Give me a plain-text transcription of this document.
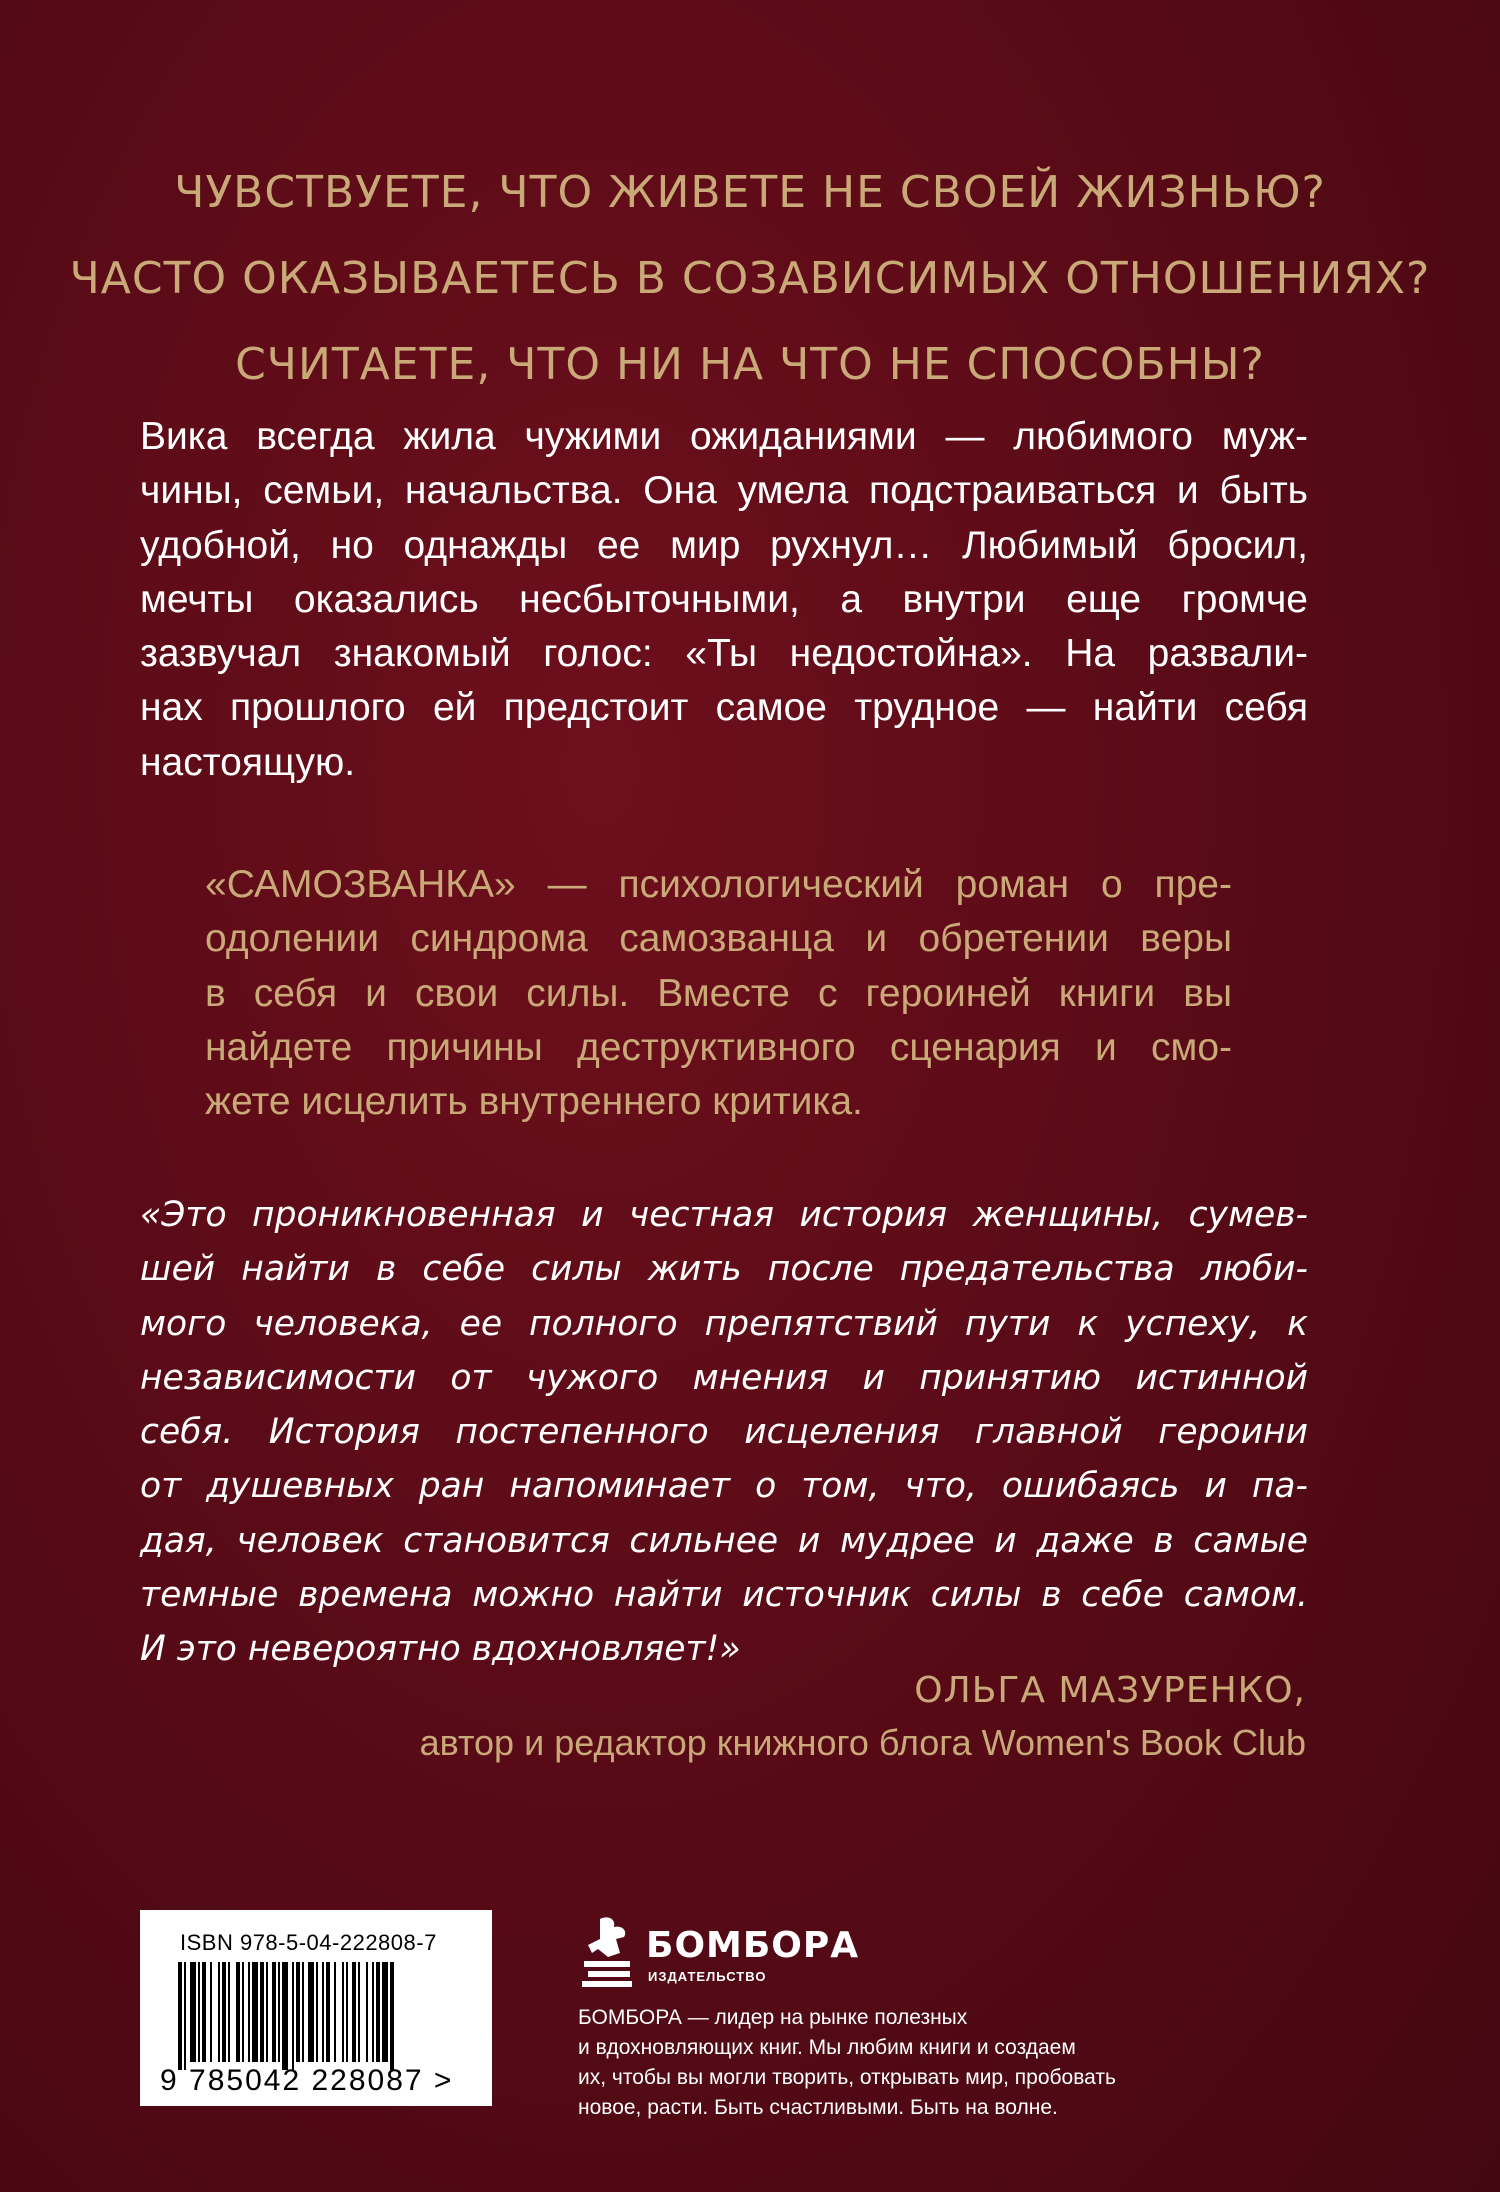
ЧУВСТВУЕТЕ, ЧТО ЖИВЕТЕ НЕ СВОЕЙ ЖИЗНЬЮ?
ЧАСТО ОКАЗЫВАЕТЕСЬ В СОЗАВИСИМЫХ ОТНОШЕНИЯХ?
СЧИТАЕТЕ, ЧТО НИ НА ЧТО НЕ СПОСОБНЫ?
Вика всегда жила чужими ожиданиями — любимого муж-
чины, семьи, начальства. Она умела подстраиваться и быть
удобной, но однажды ее мир рухнул… Любимый бросил,
мечты оказались несбыточными, а внутри еще громче
зазвучал знакомый голос: «Ты недостойна». На развали-
нах прошлого ей предстоит самое трудное — найти себя
настоящую.
«САМОЗВАНКА» — психологический роман о пре-
одолении синдрома самозванца и обретении веры
в себя и свои силы. Вместе с героиней книги вы
найдете причины деструктивного сценария и смо-
жете исцелить внутреннего критика.
«Это проникновенная и честная история женщины, сумев-
шей найти в себе силы жить после предательства люби-
мого человека, ее полного препятствий пути к успеху, к
независимости от чужого мнения и принятию истинной
себя. История постепенного исцеления главной героини
от душевных ран напоминает о том, что, ошибаясь и па-
дая, человек становится сильнее и мудрее и даже в самые
темные времена можно найти источник силы в себе самом.
И это невероятно вдохновляет!»
ОЛЬГА МАЗУРЕНКО,
автор и редактор книжного блога Women's Book Club
ISBN 978-5-04-222808-7
9 785042 228087 >
БОМБОРА
ИЗДАТЕЛЬСТВО
БОМБОРА — лидер на рынке полезных
и вдохновляющих книг. Мы любим книги и создаем
их, чтобы вы могли творить, открывать мир, пробовать
новое, расти. Быть счастливыми. Быть на волне.
